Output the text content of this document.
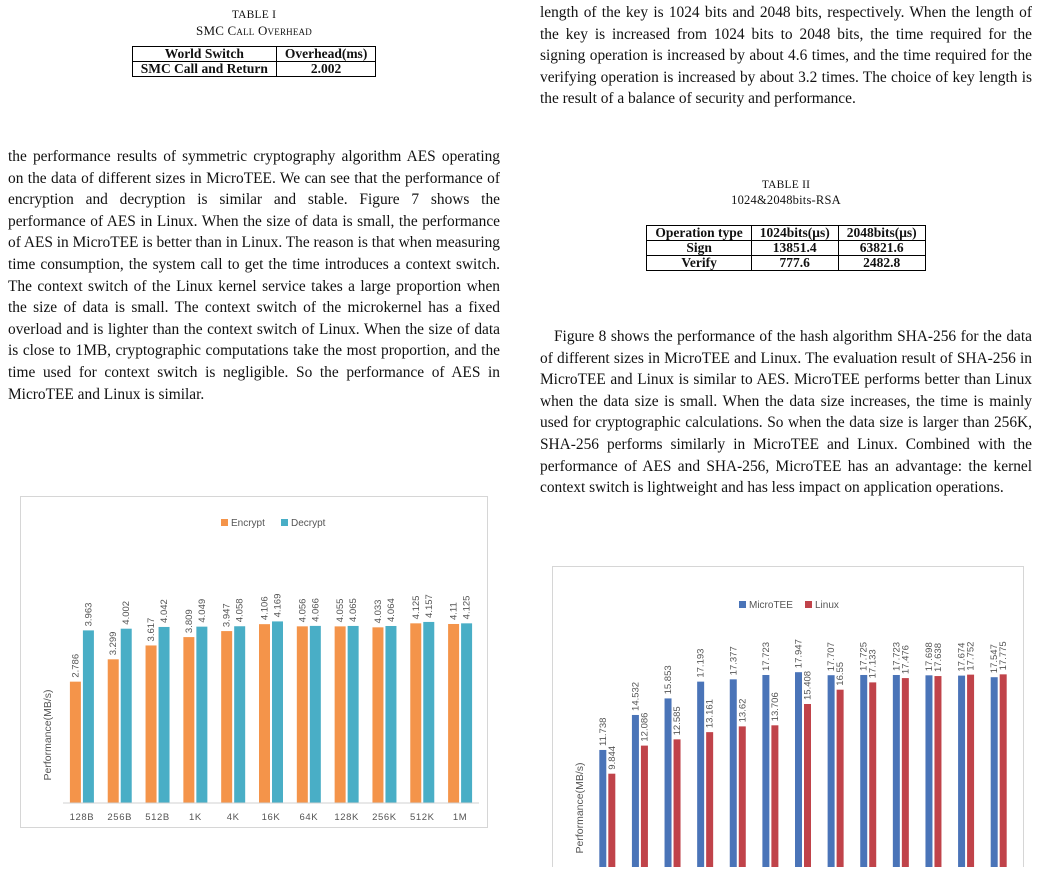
TABLE I
SMC Call Overhead
World Switch	Overhead(ms)
SMC Call and Return	2.002

the performance results of symmetric cryptography algorithm AES operating on the data of different sizes in MicroTEE. We can see that the performance of encryption and decryption is similar and stable. Figure 7 shows the performance of AES in Linux. When the size of data is small, the performance of AES in MicroTEE is better than in Linux. The reason is that when measuring time consumption, the system call to get the time introduces a context switch. The context switch of the Linux kernel service takes a large proportion when the size of data is small. The context switch of the microkernel has a fixed overload and is lighter than the context switch of Linux. When the size of data is close to 1MB, cryptographic computations take the most proportion, and the time used for context switch is negligible. So the performance of AES in MicroTEE and Linux is similar.

Encrypt	Decrypt
Performance(MB/s)
2.786
3.963
128B
3.299
4.002
256B
3.617
4.042
512B
3.809 4.049
1K
3.947 4.058
4K
4.106 4.169
16K
4.056 4.066
64K
4.055 4.065
128K
4.033 4.064
256K
4.125 4.157
512K
4.11 4.125
1M

length of the key is 1024 bits and 2048 bits, respectively. When the length of the key is increased from 1024 bits to 2048 bits, the time required for the signing operation is increased by about 4.6 times, and the time required for the verifying operation is increased by about 3.2 times. The choice of key length is the result of a balance of security and performance.

TABLE II
1024&2048bits-RSA
Operation type	1024bits(μs)	2048bits(μs)
Sign	13851.4	63821.6
Verify	777.6	2482.8

Figure 8 shows the performance of the hash algorithm SHA-256 for the data of different sizes in MicroTEE and Linux. The evaluation result of SHA-256 in MicroTEE and Linux is similar to AES. MicroTEE performs better than Linux when the data size is small. When the data size increases, the time is mainly used for cryptographic calculations. So when the data size is larger than 256K, SHA-256 performs similarly in MicroTEE and Linux. Combined with the performance of AES and SHA-256, MicroTEE has an advantage: the kernel context switch is lightweight and has less impact on application operations.

MicroTEE Linux
Performance(MB/s)
11.738
9.844
14.532
12.086
15.853
12.585
17.193
13.161
17.377
13.62
17.723
13.706
17.947
15.408
17.707
16.55
17.725
17.133 17.723
17.476 17.698
17.638 17.674
17.752 17.547
17.775
